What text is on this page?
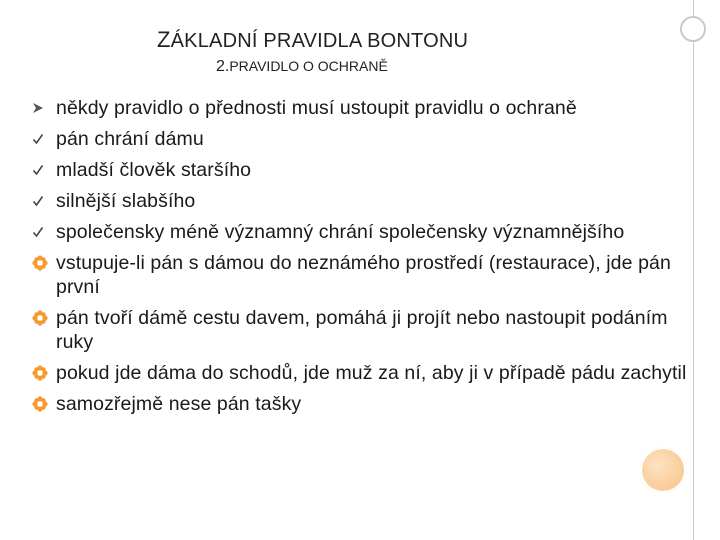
ZÁKLADNÍ PRAVIDLA BONTONU
2.PRAVIDLO O OCHRANĚ
někdy pravidlo o přednosti musí ustoupit pravidlu o ochraně
pán chrání dámu
mladší člověk staršího
silnější slabšího
společensky méně významný chrání společensky významnějšího
vstupuje-li pán s dámou do neznámého prostředí (restaurace), jde pán první
pán tvoří dámě cestu davem, pomáhá ji projít nebo nastoupit podáním ruky
pokud jde dáma do schodů, jde muž za ní, aby ji v případě pádu zachytil
samozřejmě nese pán tašky
